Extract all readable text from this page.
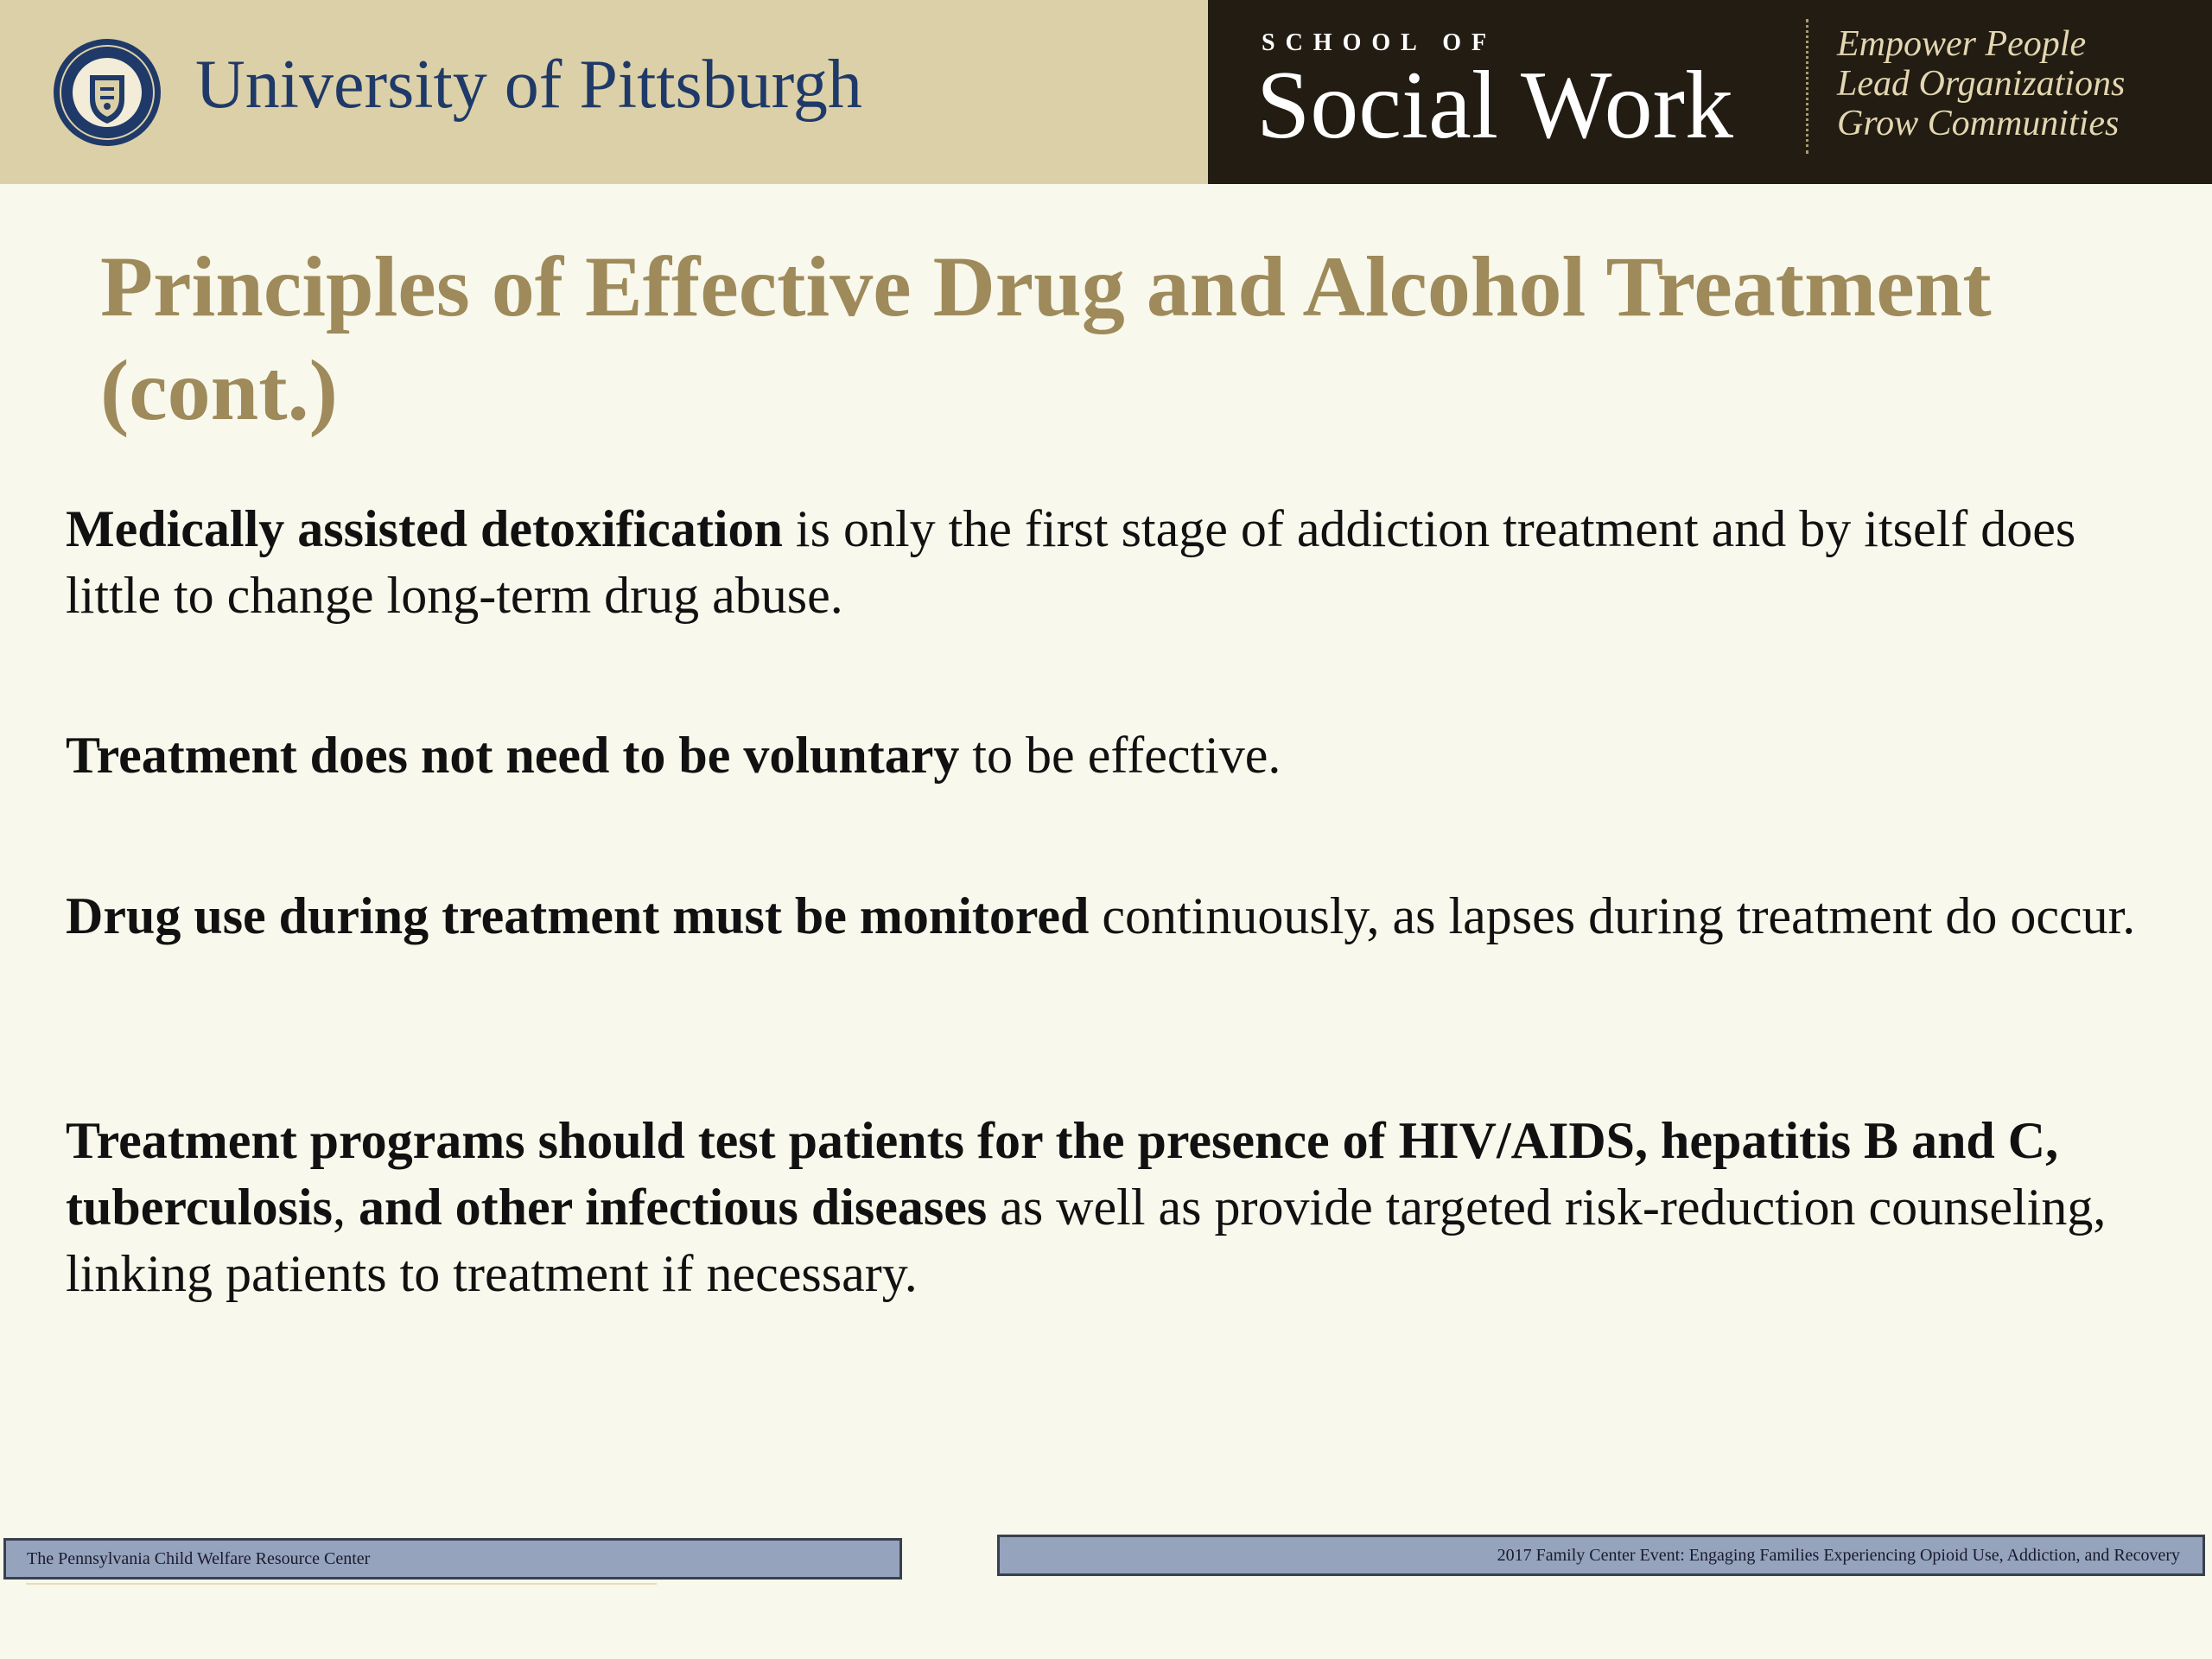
University of Pittsburgh
SCHOOL OF
Social Work
Empower People
Lead Organizations
Grow Communities
Principles of Effective Drug and Alcohol Treatment (cont.)

Medically assisted detoxification is only the first stage of addiction treatment and by itself does little to change long-term drug abuse.

Treatment does not need to be voluntary to be effective.

Drug use during treatment must be monitored continuously, as lapses during treatment do occur.

Treatment programs should test patients for the presence of HIV/AIDS, hepatitis B and C, tuberculosis, and other infectious diseases as well as provide targeted risk-reduction counseling, linking patients to treatment if necessary.

The Pennsylvania Child Welfare Resource Center	2017 Family Center Event: Engaging Families Experiencing Opioid Use, Addiction, and Recovery
